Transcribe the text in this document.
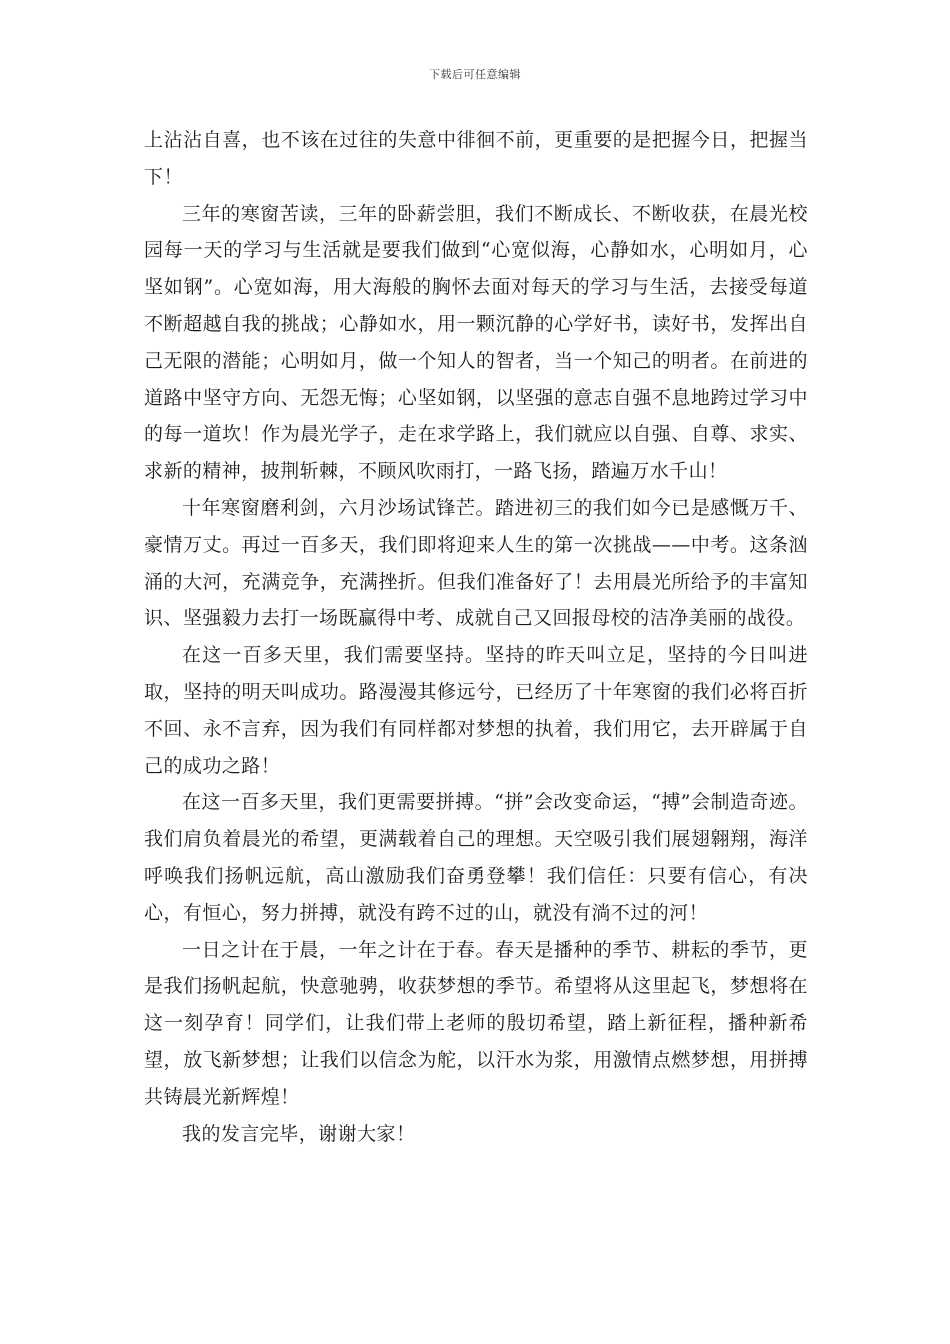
下载后可任意编辑

上沾沾自喜，也不该在过往的失意中徘徊不前，更重要的是把握今日，把握当下！

三年的寒窗苦读，三年的卧薪尝胆，我们不断成长、不断收获，在晨光校园每一天的学习与生活就是要我们做到“心宽似海，心静如水，心明如月，心坚如钢”。心宽如海，用大海般的胸怀去面对每天的学习与生活，去接受每道不断超越自我的挑战；心静如水，用一颗沉静的心学好书，读好书，发挥出自己无限的潜能；心明如月，做一个知人的智者，当一个知己的明者。在前进的道路中坚守方向、无怨无悔；心坚如钢，以坚强的意志自强不息地跨过学习中的每一道坎！作为晨光学子，走在求学路上，我们就应以自强、自尊、求实、求新的精神，披荆斩棘，不顾风吹雨打，一路飞扬，踏遍万水千山！

十年寒窗磨利剑，六月沙场试锋芒。踏进初三的我们如今已是感慨万千、豪情万丈。再过一百多天，我们即将迎来人生的第一次挑战——中考。这条汹涌的大河，充满竞争，充满挫折。但我们准备好了！去用晨光所给予的丰富知识、坚强毅力去打一场既赢得中考、成就自己又回报母校的洁净美丽的战役。

在这一百多天里，我们需要坚持。坚持的昨天叫立足，坚持的今日叫进取，坚持的明天叫成功。路漫漫其修远兮，已经历了十年寒窗的我们必将百折不回、永不言弃，因为我们有同样都对梦想的执着，我们用它，去开辟属于自己的成功之路！

在这一百多天里，我们更需要拼搏。“拼”会改变命运，“搏”会制造奇迹。我们肩负着晨光的希望，更满载着自己的理想。天空吸引我们展翅翱翔，海洋呼唤我们扬帆远航，高山激励我们奋勇登攀！我们信任：只要有信心，有决心，有恒心，努力拼搏，就没有跨不过的山，就没有淌不过的河！

一日之计在于晨，一年之计在于春。春天是播种的季节、耕耘的季节，更是我们扬帆起航，快意驰骋，收获梦想的季节。希望将从这里起飞，梦想将在这一刻孕育！同学们，让我们带上老师的殷切希望，踏上新征程，播种新希望，放飞新梦想；让我们以信念为舵，以汗水为浆，用激情点燃梦想，用拼搏共铸晨光新辉煌！

我的发言完毕，谢谢大家！
